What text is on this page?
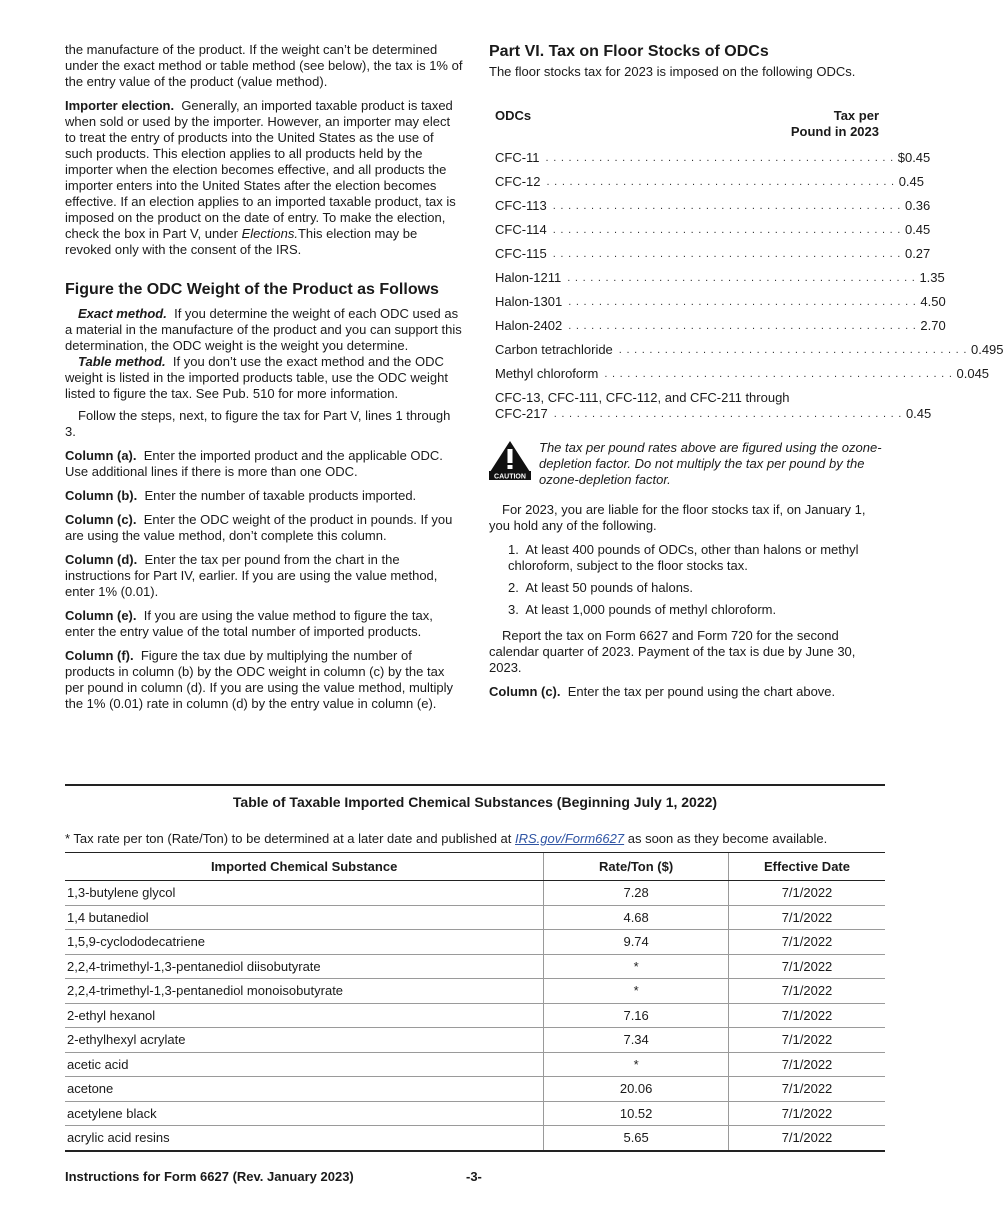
the manufacture of the product. If the weight can’t be determined under the exact method or table method (see below), the tax is 1% of the entry value of the product (value method).

Importer election. Generally, an imported taxable product is taxed when sold or used by the importer. However, an importer may elect to treat the entry of products into the United States as the use of such products. This election applies to all products held by the importer when the election becomes effective, and all products the importer enters into the United States after the election becomes effective. If an election applies to an imported taxable product, tax is imposed on the product on the date of entry. To make the election, check the box in Part V, under Elections.This election may be revoked only with the consent of the IRS.

Figure the ODC Weight of the Product as Follows

Exact method. If you determine the weight of each ODC used as a material in the manufacture of the product and you can support this determination, the ODC weight is the weight you determine.

Table method. If you don’t use the exact method and the ODC weight is listed in the imported products table, use the ODC weight listed to figure the tax. See Pub. 510 for more information.

Follow the steps, next, to figure the tax for Part V, lines 1 through 3.

Column (a). Enter the imported product and the applicable ODC. Use additional lines if there is more than one ODC.

Column (b). Enter the number of taxable products imported.

Column (c). Enter the ODC weight of the product in pounds. If you are using the value method, don’t complete this column.

Column (d). Enter the tax per pound from the chart in the instructions for Part IV, earlier. If you are using the value method, enter 1% (0.01).

Column (e). If you are using the value method to figure the tax, enter the entry value of the total number of imported products.

Column (f). Figure the tax due by multiplying the number of products in column (b) by the ODC weight in column (c) by the tax per pound in column (d). If you are using the value method, multiply the 1% (0.01) rate in column (d) by the entry value in column (e).

Part VI. Tax on Floor Stocks of ODCs

The floor stocks tax for 2023 is imposed on the following ODCs.

ODCs	Tax per
Pound in 2023
CFC-11 .............................................. $0.45
CFC-12 .............................................. 0.45
CFC-113 .............................................. 0.36
CFC-114 .............................................. 0.45
CFC-115 .............................................. 0.27
Halon-1211 .............................................. 1.35
Halon-1301 .............................................. 4.50
Halon-2402 .............................................. 2.70
Carbon tetrachloride .............................................. 0.495
Methyl chloroform .............................................. 0.045
CFC-13, CFC-111, CFC-112, and CFC-211 through
CFC-217 .............................................. 0.45
CAUTION

The tax per pound rates above are figured using the ozone-depletion factor. Do not multiply the tax per pound by the ozone-depletion factor.

For 2023, you are liable for the floor stocks tax if, on January 1, you hold any of the following.

1. At least 400 pounds of ODCs, other than halons or methyl chloroform, subject to the floor stocks tax.

2. At least 50 pounds of halons.

3. At least 1,000 pounds of methyl chloroform.

Report the tax on Form 6627 and Form 720 for the second calendar quarter of 2023. Payment of the tax is due by June 30, 2023.

Column (c). Enter the tax per pound using the chart above.

Table of Taxable Imported Chemical Substances (Beginning July 1, 2022)
* Tax rate per ton (Rate/Ton) to be determined at a later date and published at IRS.gov/Form6627 as soon as they become available.
Imported Chemical Substance	Rate/Ton ($)	Effective Date
1,3-butylene glycol	7.28	7/1/2022
1,4 butanediol	4.68	7/1/2022
1,5,9-cyclododecatriene	9.74	7/1/2022
2,2,4-trimethyl-1,3-pentanediol diisobutyrate	*	7/1/2022
2,2,4-trimethyl-1,3-pentanediol monoisobutyrate	*	7/1/2022
2-ethyl hexanol	7.16	7/1/2022
2-ethylhexyl acrylate	7.34	7/1/2022
acetic acid	*	7/1/2022
acetone	20.06	7/1/2022
acetylene black	10.52	7/1/2022
acrylic acid resins	5.65	7/1/2022
Instructions for Form 6627 (Rev. January 2023)	-3-
